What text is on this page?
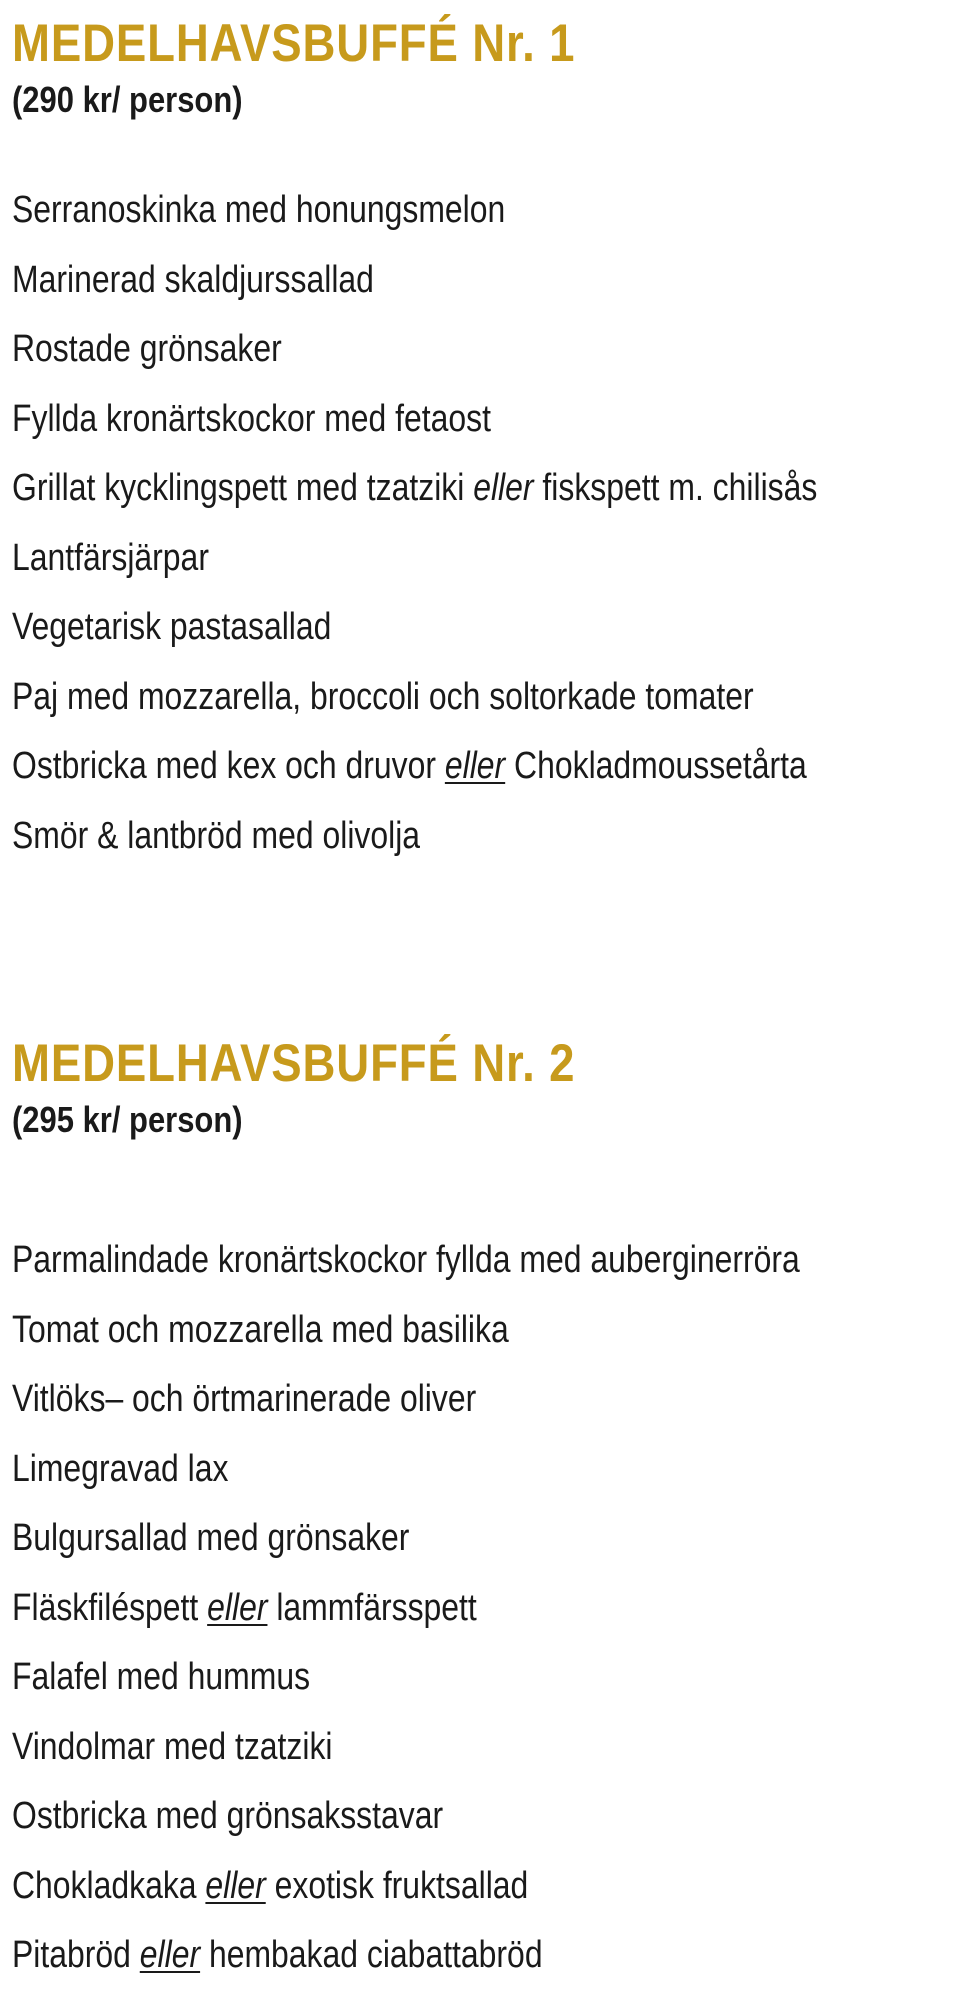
MEDELHAVSBUFFÉ Nr. 1
(290 kr/ person)
Serranoskinka med honungsmelon
Marinerad skaldjurssallad
Rostade grönsaker
Fyllda kronärtskockor med fetaost
Grillat kycklingspett med tzatziki eller fiskspett m. chilisås
Lantfärsjärpar
Vegetarisk pastasallad
Paj med mozzarella, broccoli och soltorkade tomater
Ostbricka med kex och druvor eller Chokladmoussetårta
Smör & lantbröd med olivolja
MEDELHAVSBUFFÉ Nr. 2
(295 kr/ person)
Parmalindade kronärtskockor fyllda med auberginerröra
Tomat och mozzarella med basilika
Vitlöks– och örtmarinerade oliver
Limegravad lax
Bulgursallad med grönsaker
Fläskfiléspett eller lammfärsspett
Falafel med hummus
Vindolmar med tzatziki
Ostbricka med grönsaksstavar
Chokladkaka eller exotisk fruktsallad
Pitabröd eller hembakad ciabattabröd
